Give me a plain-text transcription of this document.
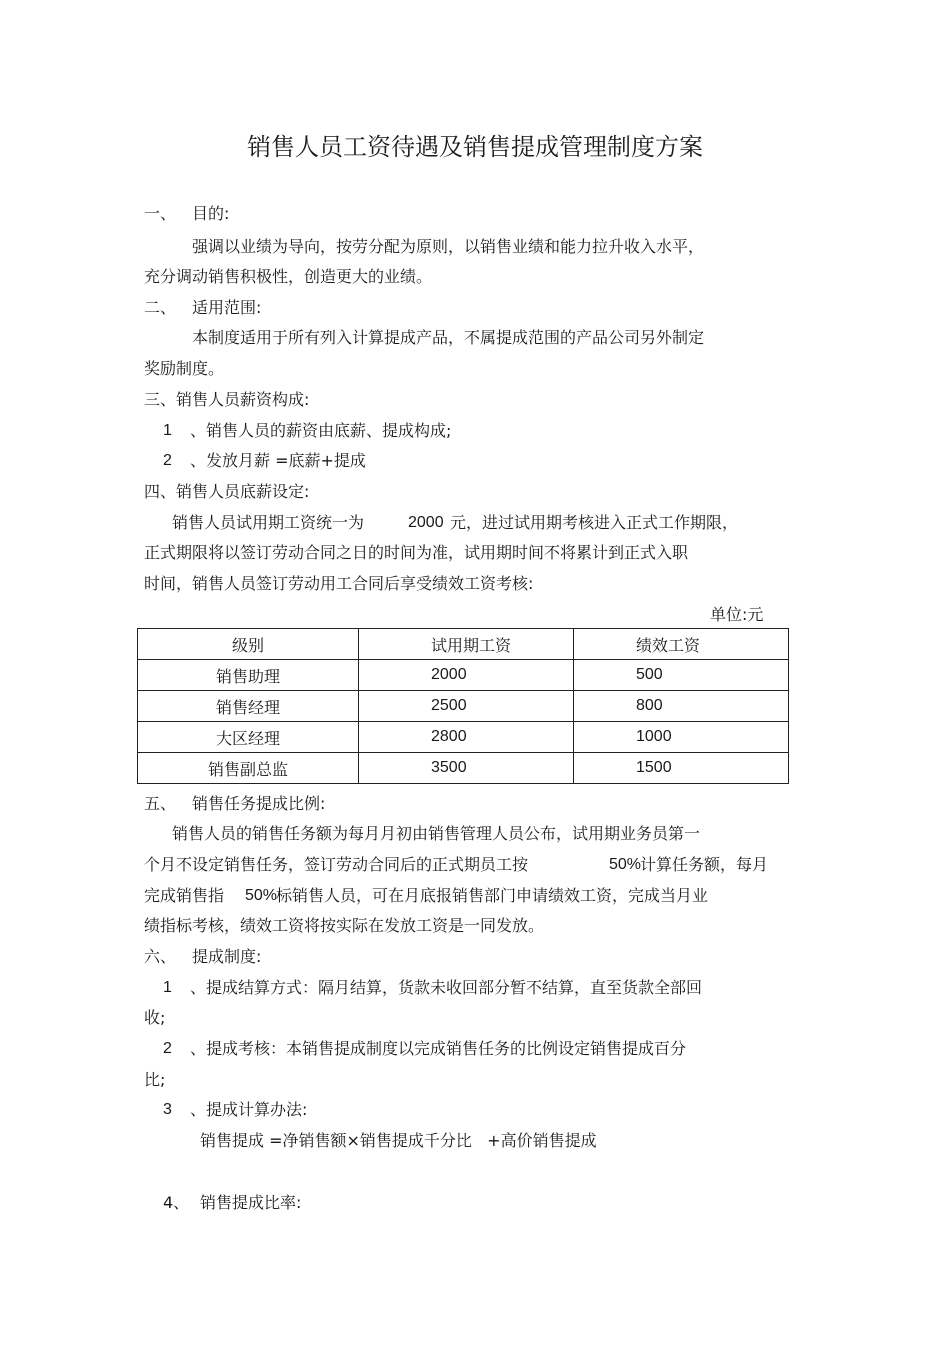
销售人员工资待遇及销售提成管理制度方案
一、 目的:
强调以业绩为导向，按劳分配为原则，以销售业绩和能力拉升收入水平，
充分调动销售积极性，创造更大的业绩。
二、 适用范围:
本制度适用于所有列入计算提成产品，不属提成范围的产品公司另外制定
奖励制度。
三、销售人员薪资构成:
1 、销售人员的薪资由底薪、提成构成;
2 、发放月薪 =底薪+提成
四、销售人员底薪设定:
销售人员试用期工资统一为	2000 元，进过试用期考核进入正式工作期限，
正式期限将以签订劳动合同之日的时间为准，试用期时间不将累计到正式入职
时间，销售人员签订劳动用工合同后享受绩效工资考核:
单位:元
级别	试用期工资	绩效工资
销售助理	2000	500
销售经理	2500	800
大区经理	2800	1000
销售副总监	3500	1500
五、 销售任务提成比例:
销售人员的销售任务额为每月月初由销售管理人员公布，试用期业务员第一
个月不设定销售任务，签订劳动合同后的正式期员工按	50%
计算任务额，每月
完成销售指 50%
标销售人员，可在月底报销售部门申请绩效工资，完成当月业
绩指标考核，绩效工资将按实际在发放工资是一同发放。
六、 提成制度:
1 、提成结算方式：隔月结算，货款未收回部分暂不结算，直至货款全部回
收;
2 、提成考核：本销售提成制度以完成销售任务的比例设定销售提成百分
比;
3 、提成计算办法:
销售提成 =净销售额×销售提成千分比   +高价销售提成
4、 销售提成比率:
